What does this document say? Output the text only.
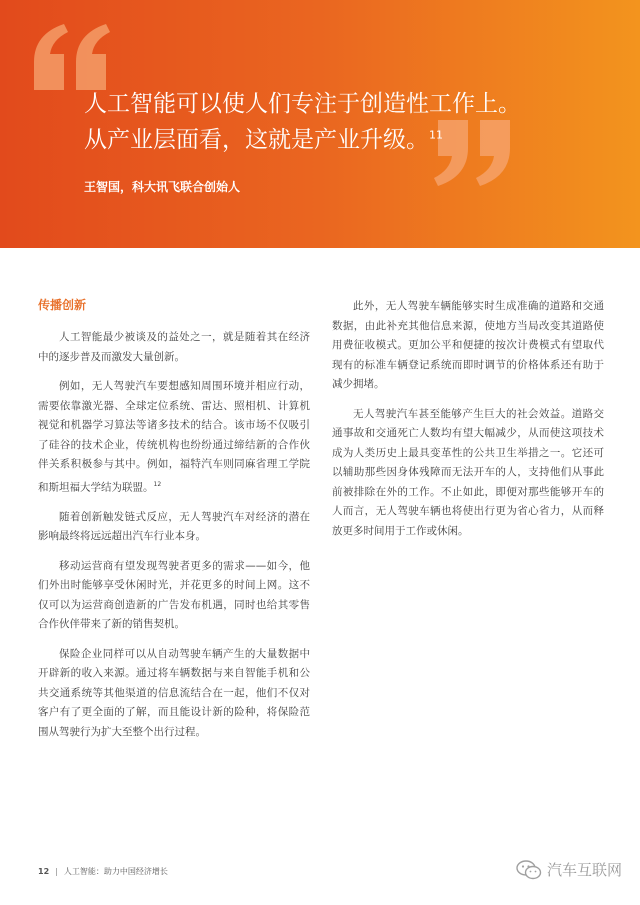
人工智能可以使人们专注于创造性工作上。

从产业层面看，这就是产业升级。$^{11}$

王智国，科大讯飞联合创始人

传播创新

人工智能最少被谈及的益处之一，就是随着其在经济中的逐步普及而激发大量创新。

例如，无人驾驶汽车要想感知周围环境并相应行动，需要依靠激光器、全球定位系统、雷达、照相机、计算机视觉和机器学习算法等诸多技术的结合。该市场不仅吸引了硅谷的技术企业，传统机构也纷纷通过缔结新的合作伙伴关系积极参与其中。例如，福特汽车则同麻省理工学院和斯坦福大学结为联盟。$^{12}$

随着创新触发链式反应，无人驾驶汽车对经济的潜在影响最终将远远超出汽车行业本身。

移动运营商有望发现驾驶者更多的需求——如今，他们外出时能够享受休闲时光，并花更多的时间上网。这不仅可以为运营商创造新的广告发布机遇，同时也给其零售合作伙伴带来了新的销售契机。

保险企业同样可以从自动驾驶车辆产生的大量数据中开辟新的收入来源。通过将车辆数据与来自智能手机和公共交通系统等其他渠道的信息流结合在一起，他们不仅对客户有了更全面的了解，而且能设计新的险种，将保险范围从驾驶行为扩大至整个出行过程。

此外，无人驾驶车辆能够实时生成准确的道路和交通数据，由此补充其他信息来源，使地方当局改变其道路使用费征收模式。更加公平和便捷的按次计费模式有望取代现有的标准车辆登记系统而即时调节的价格体系还有助于减少拥堵。

无人驾驶汽车甚至能够产生巨大的社会效益。道路交通事故和交通死亡人数均有望大幅减少，从而使这项技术成为人类历史上最具变革性的公共卫生举措之一。它还可以辅助那些因身体残障而无法开车的人，支持他们从事此前被排除在外的工作。不止如此，即便对那些能够开车的人而言，无人驾驶车辆也将使出行更为省心省力，从而释放更多时间用于工作或休闲。

12 | 人工智能：助力中国经济增长	汽车互联网
